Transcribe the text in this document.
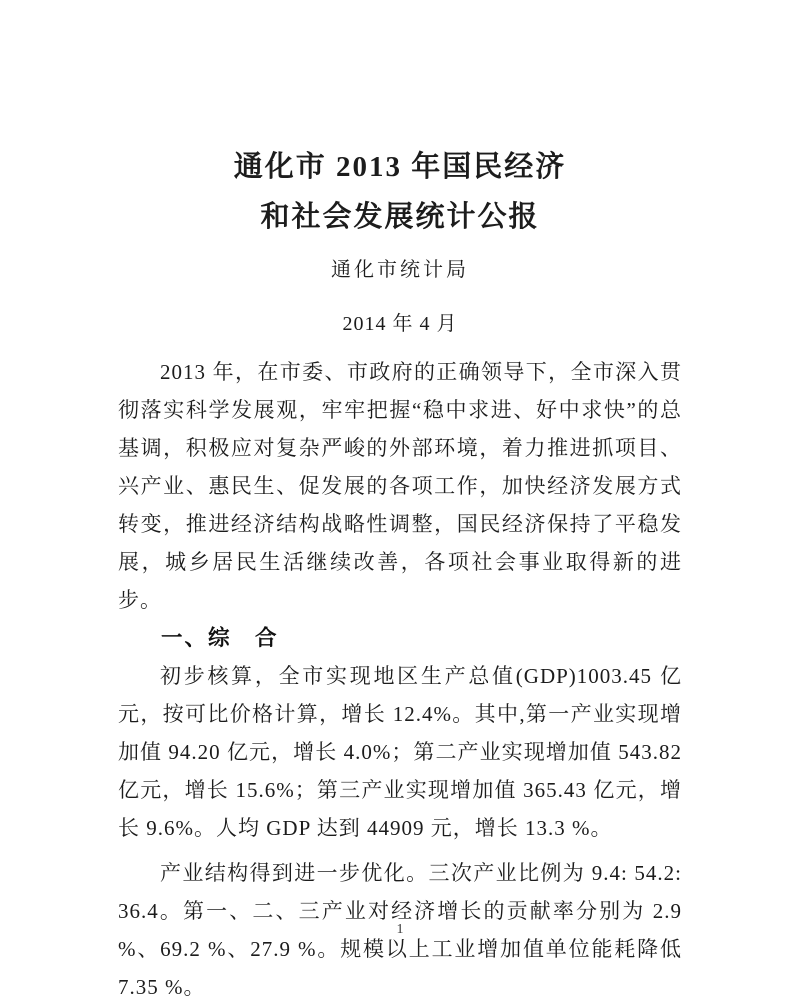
通化市 2013 年国民经济
和社会发展统计公报
通化市统计局
2014 年 4 月

2013 年，在市委、市政府的正确领导下，全市深入贯彻落实科学发展观，牢牢把握“稳中求进、好中求快”的总基调，积极应对复杂严峻的外部环境，着力推进抓项目、兴产业、惠民生、促发展的各项工作，加快经济发展方式转变，推进经济结构战略性调整，国民经济保持了平稳发展，城乡居民生活继续改善，各项社会事业取得新的进步。

一、综　合

初步核算，全市实现地区生产总值(GDP)1003.45 亿元，按可比价格计算，增长 12.4%。其中,第一产业实现增加值 94.20 亿元，增长 4.0%；第二产业实现增加值 543.82 亿元，增长 15.6%；第三产业实现增加值 365.43 亿元，增长 9.6%。人均 GDP 达到 44909 元，增长 13.3 %。

产业结构得到进一步优化。三次产业比例为 9.4: 54.2: 36.4。第一、二、三产业对经济增长的贡献率分别为 2.9 %、69.2 %、27.9 %。规模以上工业增加值单位能耗降低 7.35 %。

1
